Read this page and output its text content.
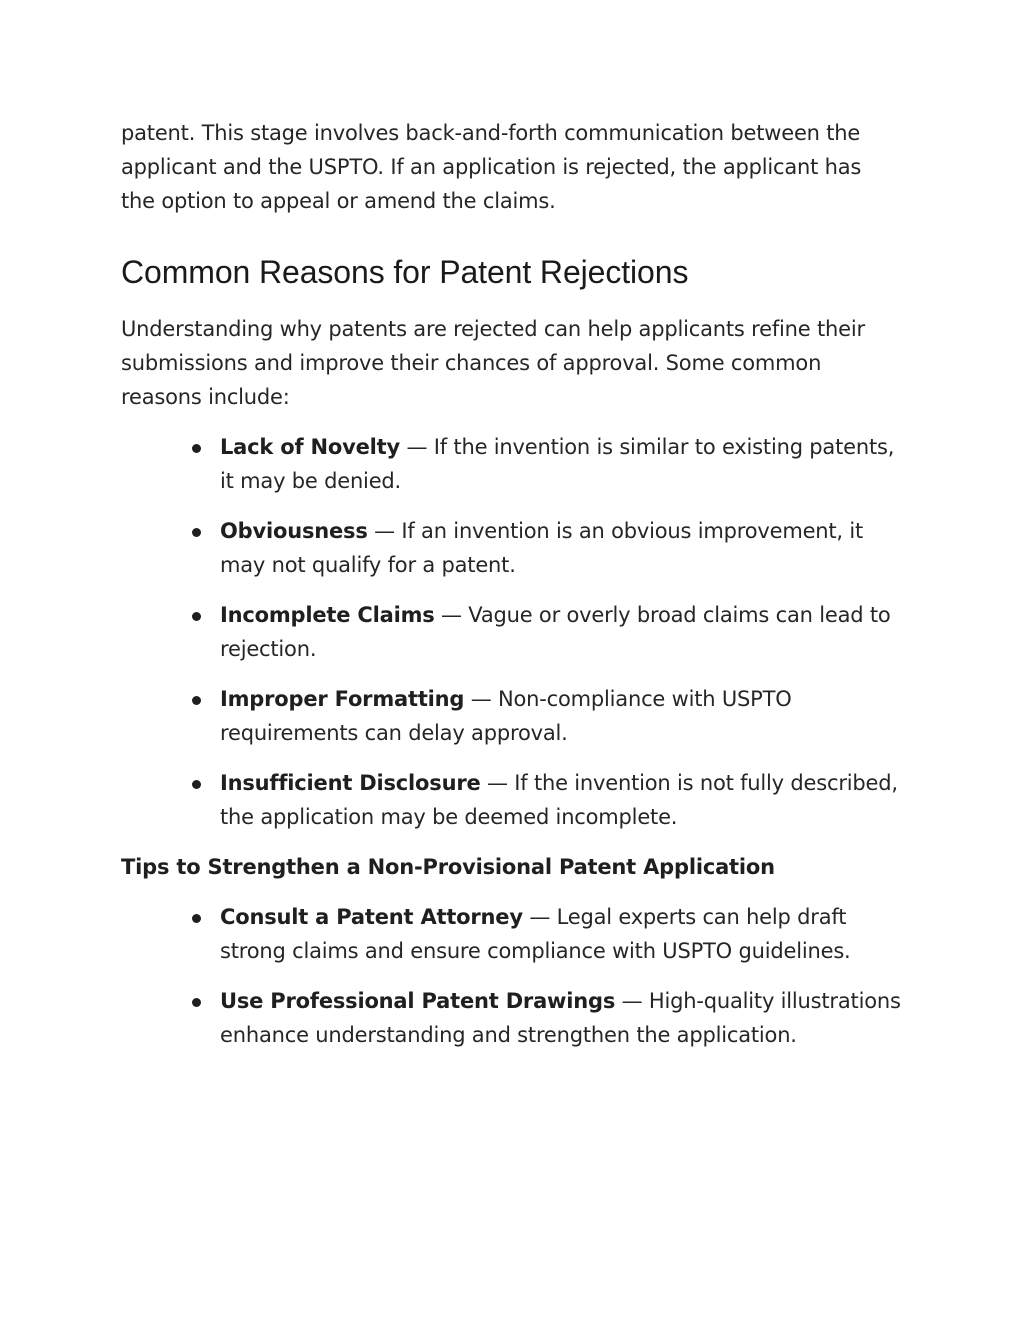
patent. This stage involves back-and-forth communication between the applicant and the USPTO. If an application is rejected, the applicant has the option to appeal or amend the claims.

Common Reasons for Patent Rejections

Understanding why patents are rejected can help applicants refine their submissions and improve their chances of approval. Some common reasons include:

Lack of Novelty — If the invention is similar to existing patents, it may be denied.
Obviousness — If an invention is an obvious improvement, it may not qualify for a patent.
Incomplete Claims — Vague or overly broad claims can lead to rejection.
Improper Formatting — Non-compliance with USPTO requirements can delay approval.
Insufficient Disclosure — If the invention is not fully described, the application may be deemed incomplete.
Tips to Strengthen a Non-Provisional Patent Application
Consult a Patent Attorney — Legal experts can help draft strong claims and ensure compliance with USPTO guidelines.
Use Professional Patent Drawings — High-quality illustrations enhance understanding and strengthen the application.
